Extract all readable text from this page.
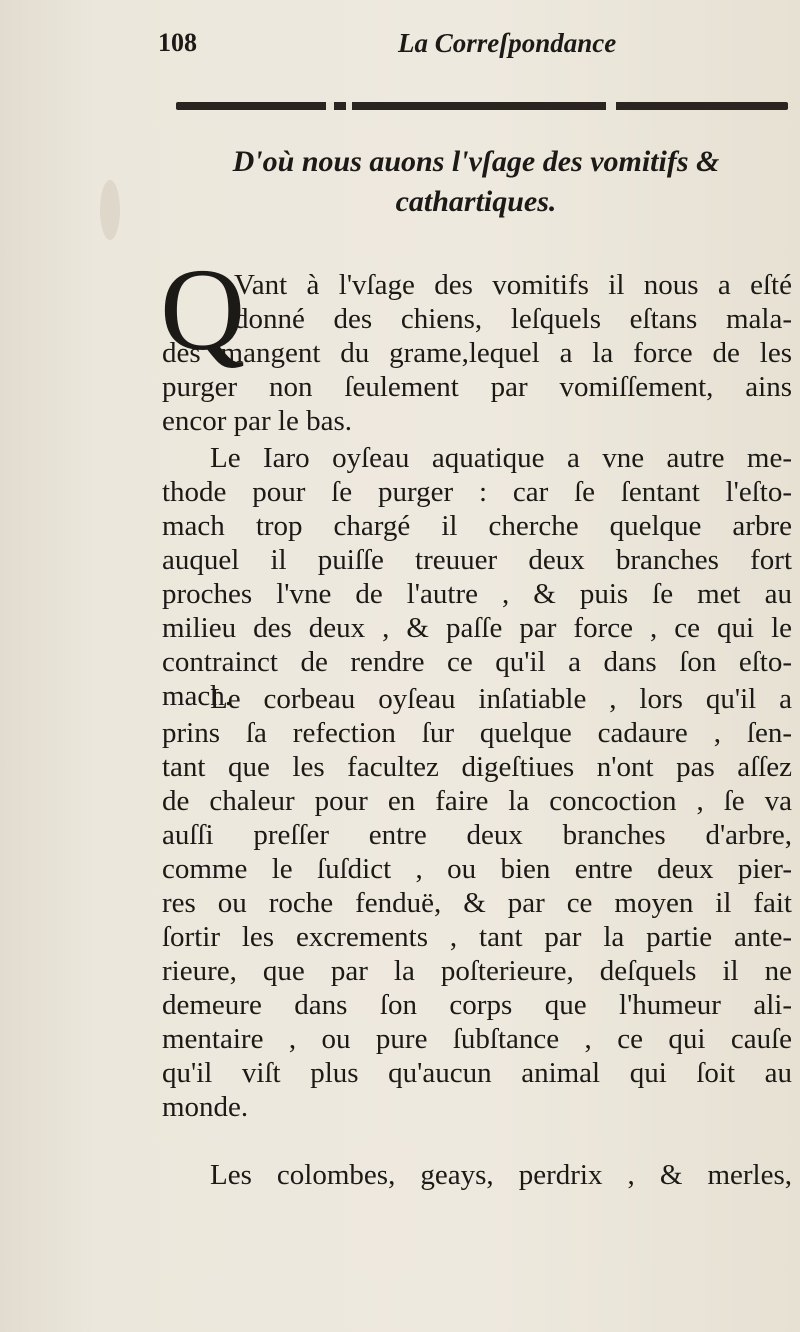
108	La Correſpondance
D'où nous auons l'vſage des vomitifs &
cathartiques.
Q
Vant à l'vſage des vomitifs il nous a eſté
donné des chiens, leſquels eſtans mala-
des mangent du grame,lequel a la force de les
purger non ſeulement par vomiſſement, ains
encor par le bas.
Le Iaro oyſeau aquatique a vne autre me-
thode pour ſe purger : car ſe ſentant l'eſto-
mach trop chargé il cherche quelque arbre
auquel il puiſſe treuuer deux branches fort
proches l'vne de l'autre , & puis ſe met au
milieu des deux , & paſſe par force , ce qui le
contrainct de rendre ce qu'il a dans ſon eſto-
mach.
Le corbeau oyſeau inſatiable , lors qu'il a
prins ſa refection ſur quelque cadaure , ſen-
tant que les facultez digeſtiues n'ont pas aſſez
de chaleur pour en faire la concoction , ſe va
auſſi preſſer entre deux branches d'arbre,
comme le ſuſdict , ou bien entre deux pier-
res ou roche fenduë, & par ce moyen il fait
ſortir les excrements , tant par la partie ante-
rieure, que par la poſterieure, deſquels il ne
demeure dans ſon corps que l'humeur ali-
mentaire , ou pure ſubſtance , ce qui cauſe
qu'il viſt plus qu'aucun animal qui ſoit au
monde.
Les colombes, geays, perdrix , & merles,
